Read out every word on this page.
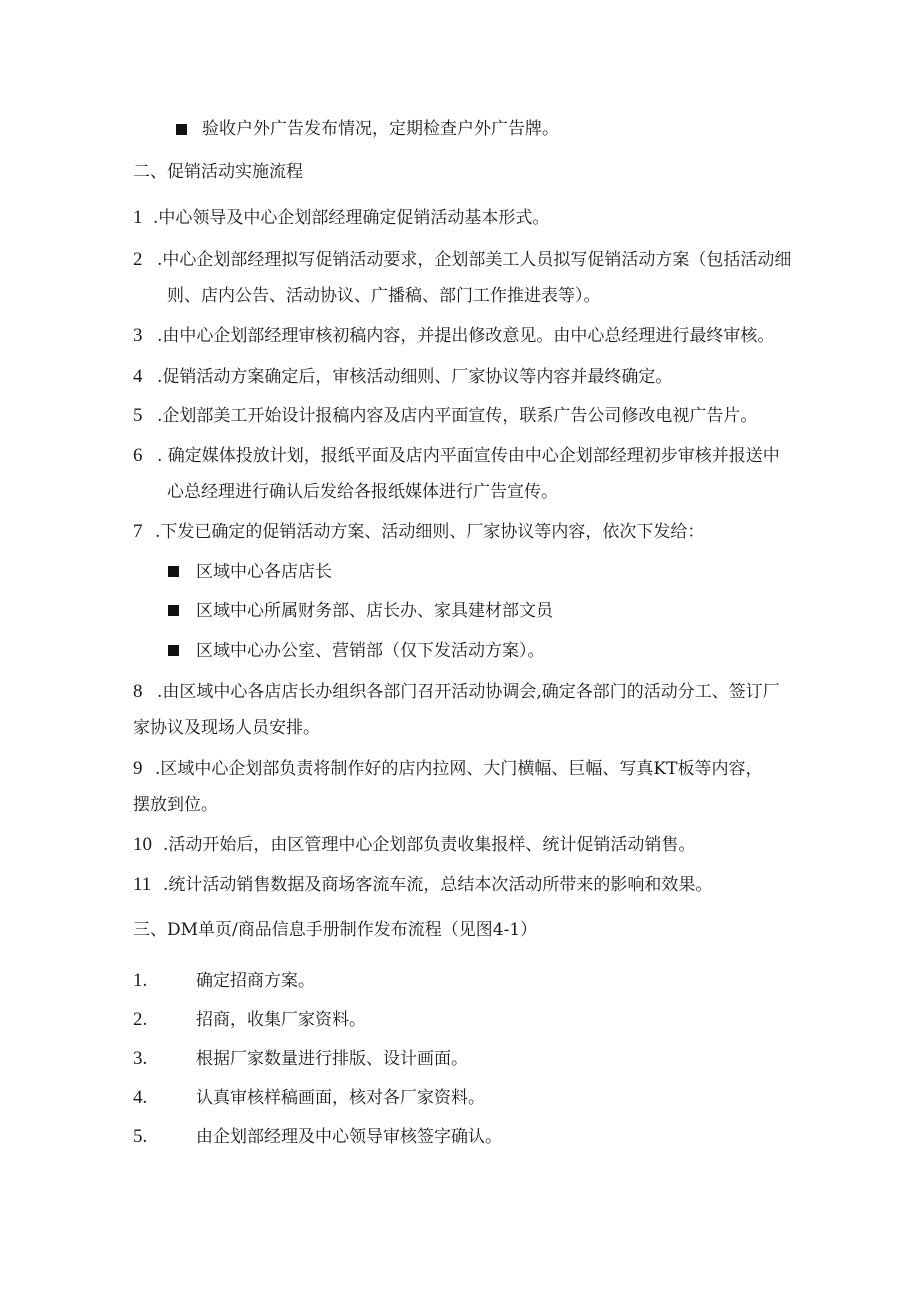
验收户外广告发布情况，定期检查户外广告牌。
二、促销活动实施流程
1 .中心领导及中心企划部经理确定促销活动基本形式。
2 .中心企划部经理拟写促销活动要求，企划部美工人员拟写促销活动方案（包括活动细
则、店内公告、活动协议、广播稿、部门工作推进表等）。
3 .由中心企划部经理审核初稿内容，并提出修改意见。由中心总经理进行最终审核。
4 .促销活动方案确定后，审核活动细则、厂家协议等内容并最终确定。
5 .企划部美工开始设计报稿内容及店内平面宣传，联系广告公司修改电视广告片。
6 . 确定媒体投放计划，报纸平面及店内平面宣传由中心企划部经理初步审核并报送中
心总经理进行确认后发给各报纸媒体进行广告宣传。
7 .下发已确定的促销活动方案、活动细则、厂家协议等内容，依次下发给：
区域中心各店店长
区域中心所属财务部、店长办、家具建材部文员
区域中心办公室、营销部（仅下发活动方案）。
8 .由区域中心各店店长办组织各部门召开活动协调会,确定各部门的活动分工、签订厂
家协议及现场人员安排。
9 .区域中心企划部负责将制作好的店内拉网、大门横幅、巨幅、写真KT板等内容，
摆放到位。
10 .活动开始后，由区管理中心企划部负责收集报样、统计促销活动销售。
11 .统计活动销售数据及商场客流车流，总结本次活动所带来的影响和效果。
三、DM单页/商品信息手册制作发布流程（见图4-1）
1.	确定招商方案。
2.	招商，收集厂家资料。
3.	根据厂家数量进行排版、设计画面。
4.	认真审核样稿画面，核对各厂家资料。
5.	由企划部经理及中心领导审核签字确认。
